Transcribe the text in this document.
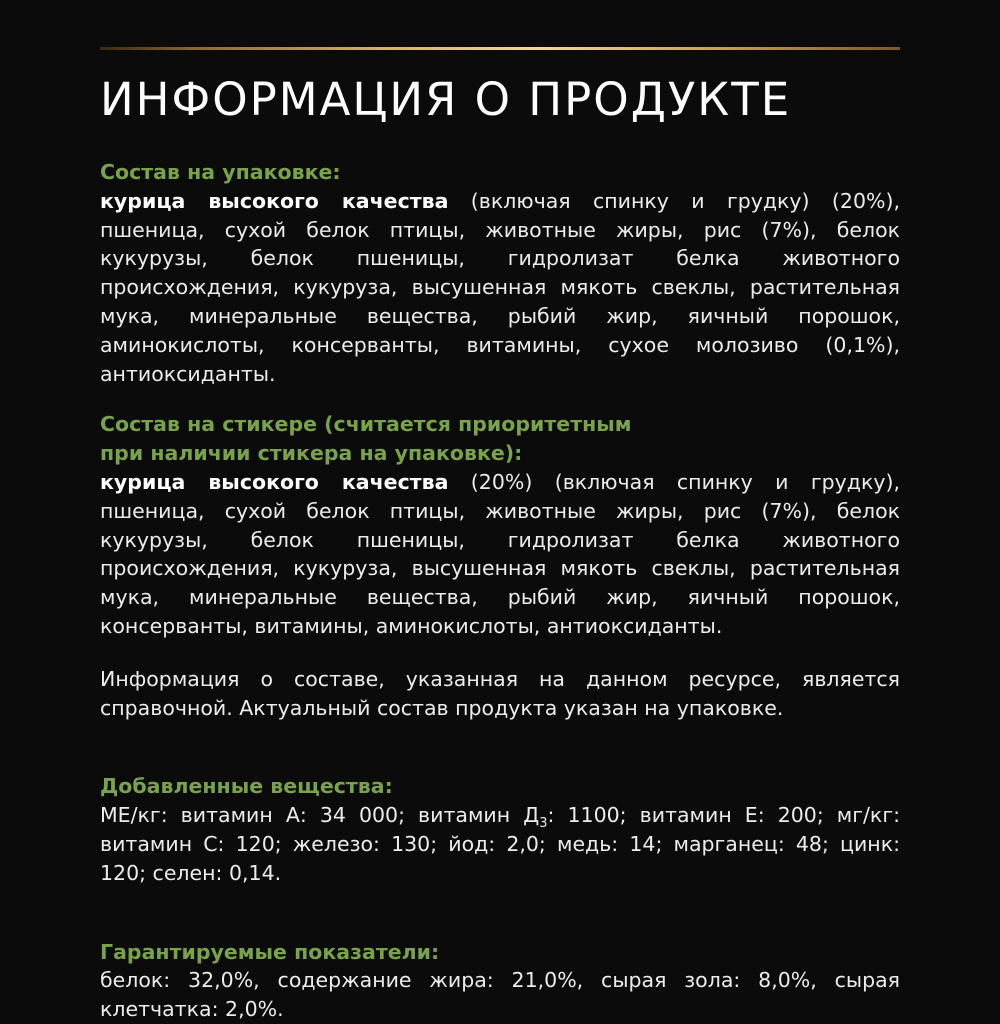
ИНФОРМАЦИЯ О ПРОДУКТЕ

Состав на упаковке:

курица высокого качества (включая спинку и грудку) (20%), пшеница, сухой белок птицы, животные жиры, рис (7%), белок кукурузы, белок пшеницы, гидролизат белка животного происхождения, кукуруза, высушенная мякоть свеклы, растительная мука, минеральные вещества, рыбий жир, яичный порошок, аминокислоты, консерванты, витамины, сухое молозиво (0,1%), антиоксиданты.

Состав на стикере (считается приоритетным
при наличии стикера на упаковке):

курица высокого качества (20%) (включая спинку и грудку), пшеница, сухой белок птицы, животные жиры, рис (7%), белок кукурузы, белок пшеницы, гидролизат белка животного происхождения, кукуруза, высушенная мякоть свеклы, растительная мука, минеральные вещества, рыбий жир, яичный порошок, консерванты, витамины, аминокислоты, антиоксиданты.

Информация о составе, указанная на данном ресурсе, является справочной. Актуальный состав продукта указан на упаковке.

Добавленные вещества:

МЕ/кг: витамин А: 34 000; витамин $Д_3$: 1100; витамин Е: 200; мг/кг: витамин С: 120; железо: 130; йод: 2,0; медь: 14; марганец: 48; цинк: 120; селен: 0,14.

Гарантируемые показатели:

белок: 32,0%, содержание жира: 21,0%, сырая зола: 8,0%, сырая клетчатка: 2,0%.
